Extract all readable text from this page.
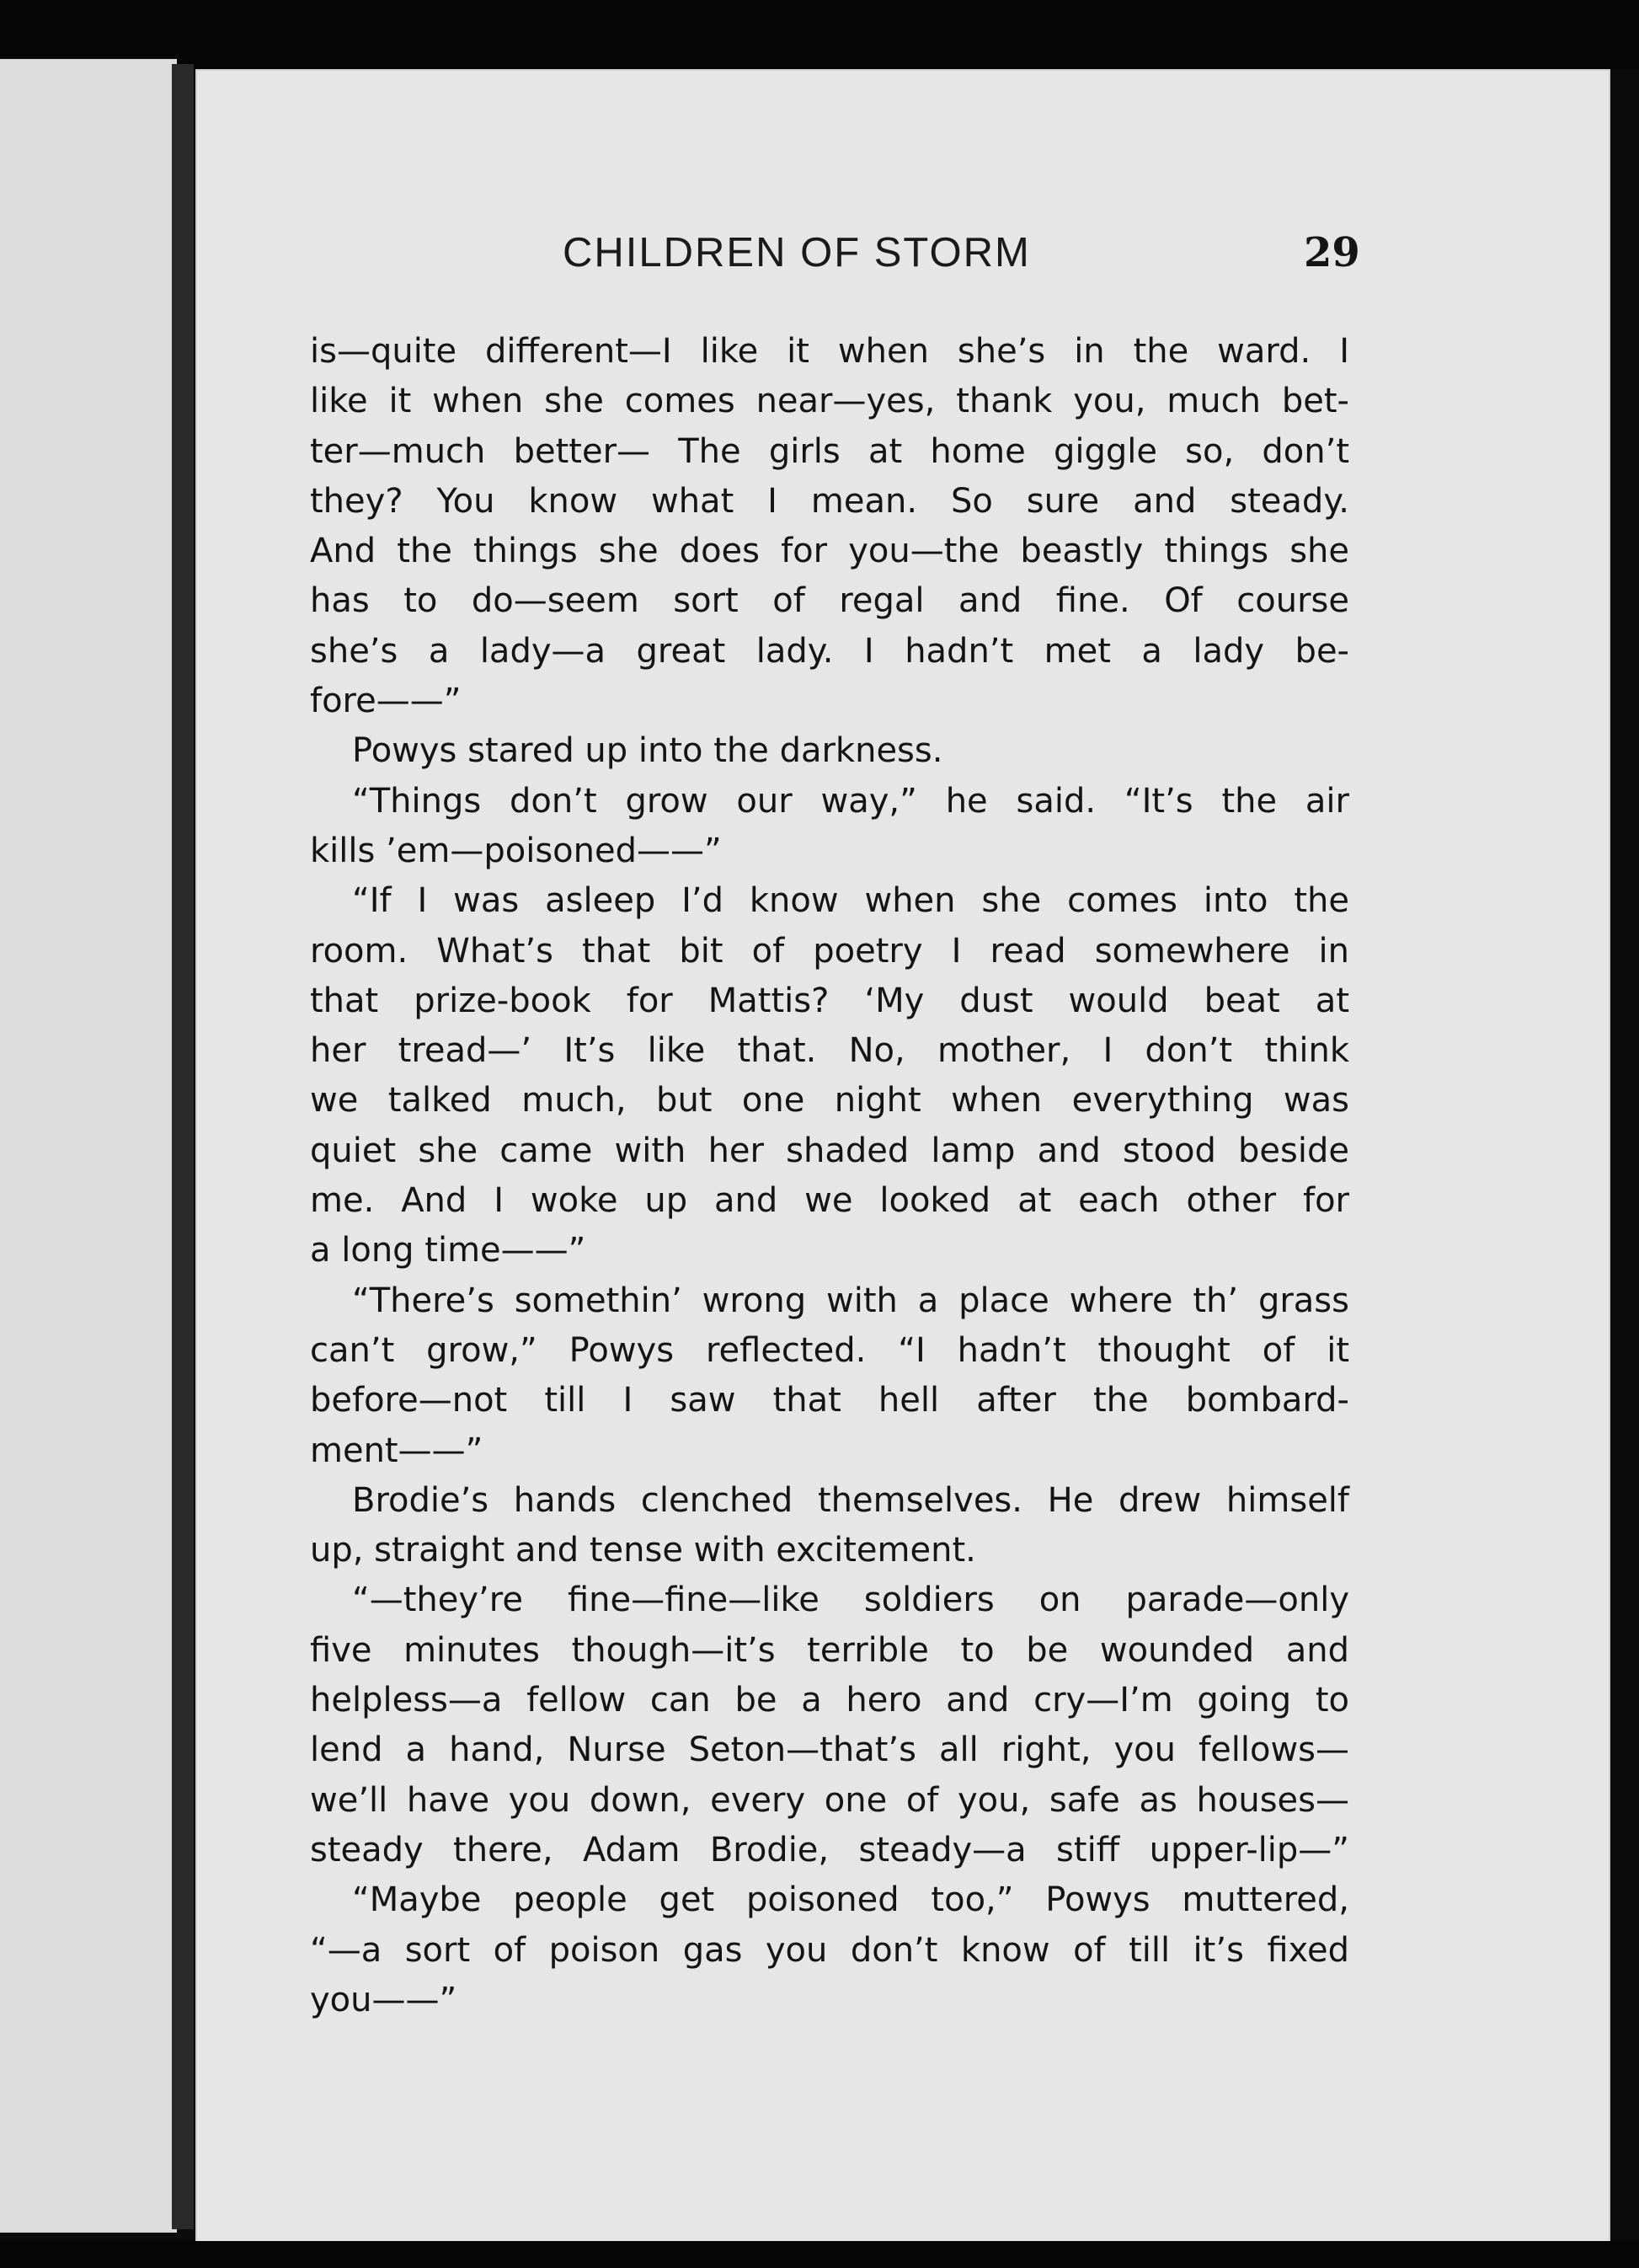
CHILDREN OF STORM	29
is—quite different—I like it when she’s in the ward. I
like it when she comes near—yes, thank you, much bet-
ter—much better— The girls at home giggle so, don’t
they? You know what I mean. So sure and steady.
And the things she does for you—the beastly things she
has to do—seem sort of regal and fine. Of course
she’s a lady—a great lady. I hadn’t met a lady be-
fore——”
Powys stared up into the darkness.
“Things don’t grow our way,” he said. “It’s the air
kills ’em—poisoned——”
“If I was asleep I’d know when she comes into the
room. What’s that bit of poetry I read somewhere in
that prize-book for Mattis? ‘My dust would beat at
her tread—’ It’s like that. No, mother, I don’t think
we talked much, but one night when everything was
quiet she came with her shaded lamp and stood beside
me. And I woke up and we looked at each other for
a long time——”
“There’s somethin’ wrong with a place where th’ grass
can’t grow,” Powys reflected. “I hadn’t thought of it
before—not till I saw that hell after the bombard-
ment——”
Brodie’s hands clenched themselves. He drew himself
up, straight and tense with excitement.
“—they’re fine—fine—like soldiers on parade—only
five minutes though—it’s terrible to be wounded and
helpless—a fellow can be a hero and cry—I’m going to
lend a hand, Nurse Seton—that’s all right, you fellows—
we’ll have you down, every one of you, safe as houses—
steady there, Adam Brodie, steady—a stiff upper-lip—”
“Maybe people get poisoned too,” Powys muttered,
“—a sort of poison gas you don’t know of till it’s fixed
you——”
